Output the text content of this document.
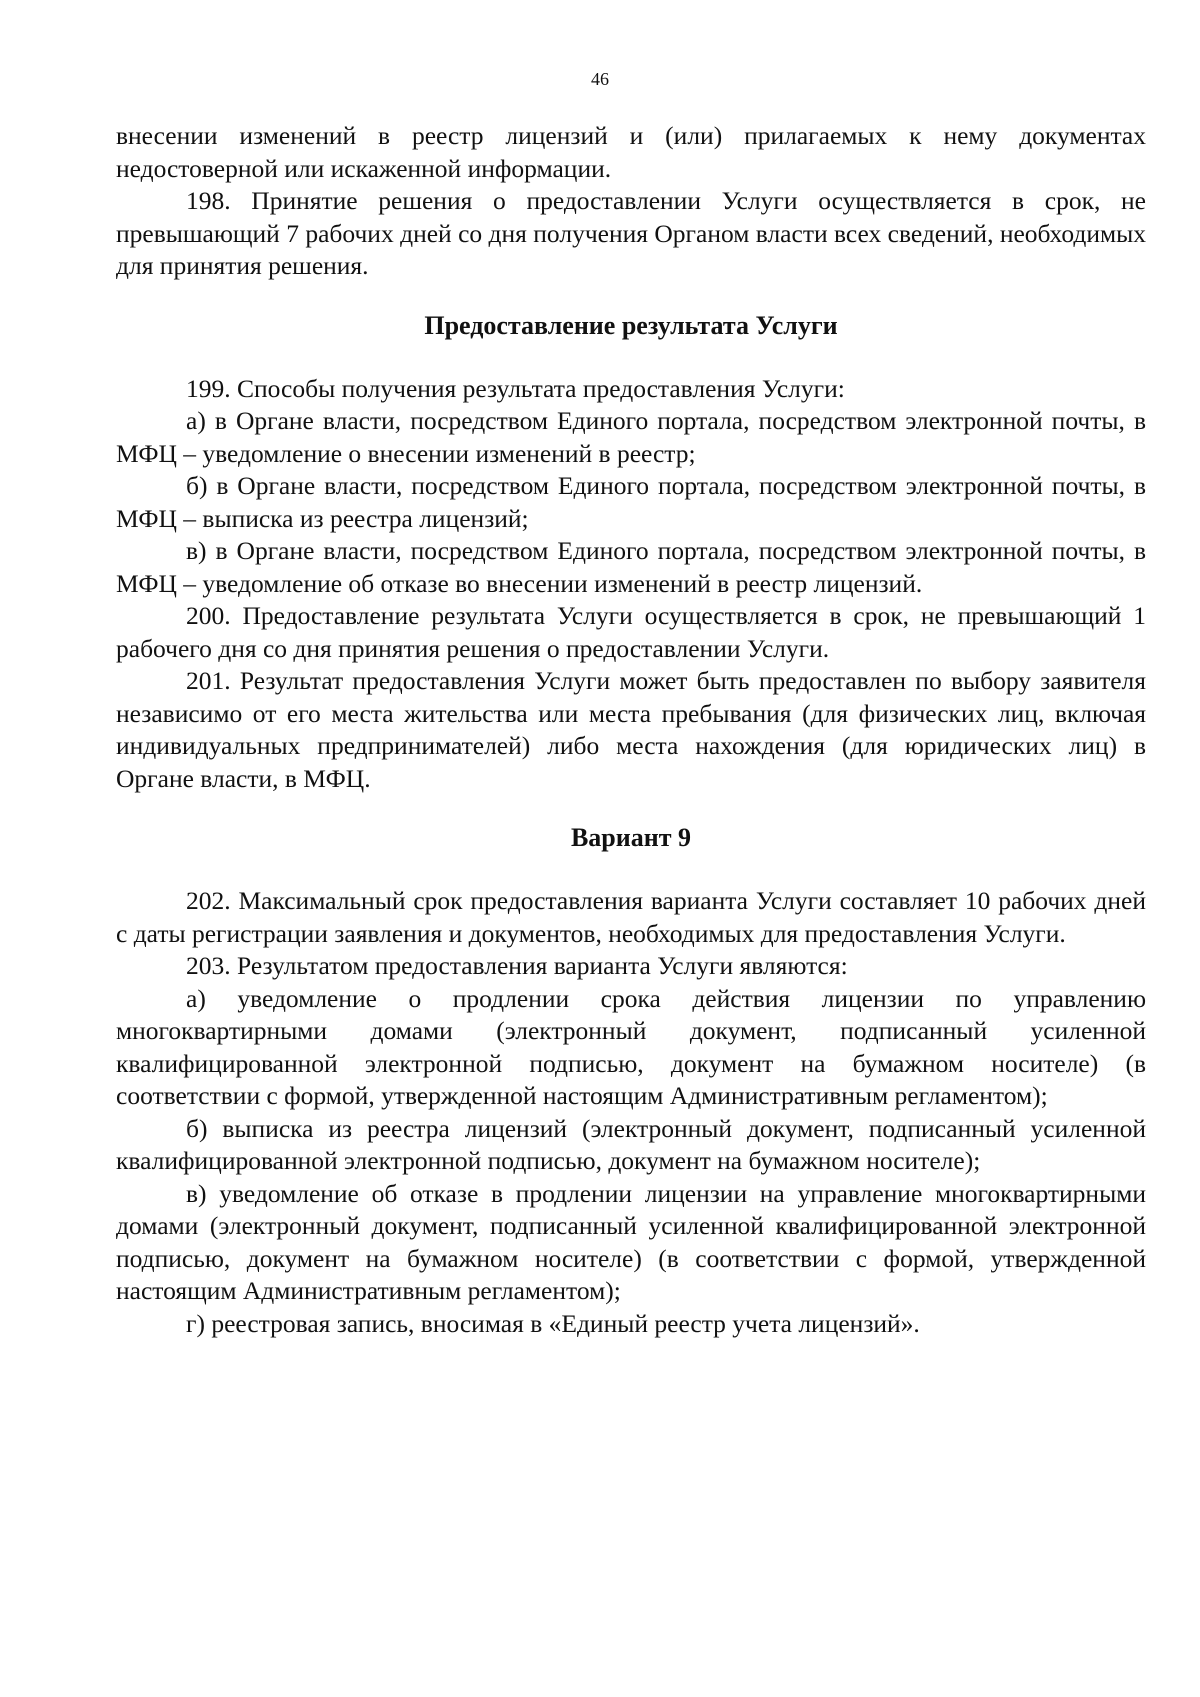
46

внесении изменений в реестр лицензий и (или) прилагаемых к нему документах недостоверной или искаженной информации.

198. Принятие решения о предоставлении Услуги осуществляется в срок, не превышающий 7 рабочих дней со дня получения Органом власти всех сведений, необходимых для принятия решения.

Предоставление результата Услуги

199. Способы получения результата предоставления Услуги:

а) в Органе власти, посредством Единого портала, посредством электронной почты, в МФЦ – уведомление о внесении изменений в реестр;

б) в Органе власти, посредством Единого портала, посредством электронной почты, в МФЦ – выписка из реестра лицензий;

в) в Органе власти, посредством Единого портала, посредством электронной почты, в МФЦ – уведомление об отказе во внесении изменений в реестр лицензий.

200. Предоставление результата Услуги осуществляется в срок, не превышающий 1 рабочего дня со дня принятия решения о предоставлении Услуги.

201. Результат предоставления Услуги может быть предоставлен по выбору заявителя независимо от его места жительства или места пребывания (для физических лиц, включая индивидуальных предпринимателей) либо места нахождения (для юридических лиц) в Органе власти, в МФЦ.

Вариант 9

202. Максимальный срок предоставления варианта Услуги составляет 10 рабочих дней с даты регистрации заявления и документов, необходимых для предоставления Услуги.

203. Результатом предоставления варианта Услуги являются:

а) уведомление о продлении срока действия лицензии по управлению многоквартирными домами (электронный документ, подписанный усиленной квалифицированной электронной подписью, документ на бумажном носителе) (в соответствии с формой, утвержденной настоящим Административным регламентом);

б) выписка из реестра лицензий (электронный документ, подписанный усиленной квалифицированной электронной подписью, документ на бумажном носителе);

в) уведомление об отказе в продлении лицензии на управление многоквартирными домами (электронный документ, подписанный усиленной квалифицированной электронной подписью, документ на бумажном носителе) (в соответствии с формой, утвержденной настоящим Административным регламентом);

г) реестровая запись, вносимая в «Единый реестр учета лицензий».
